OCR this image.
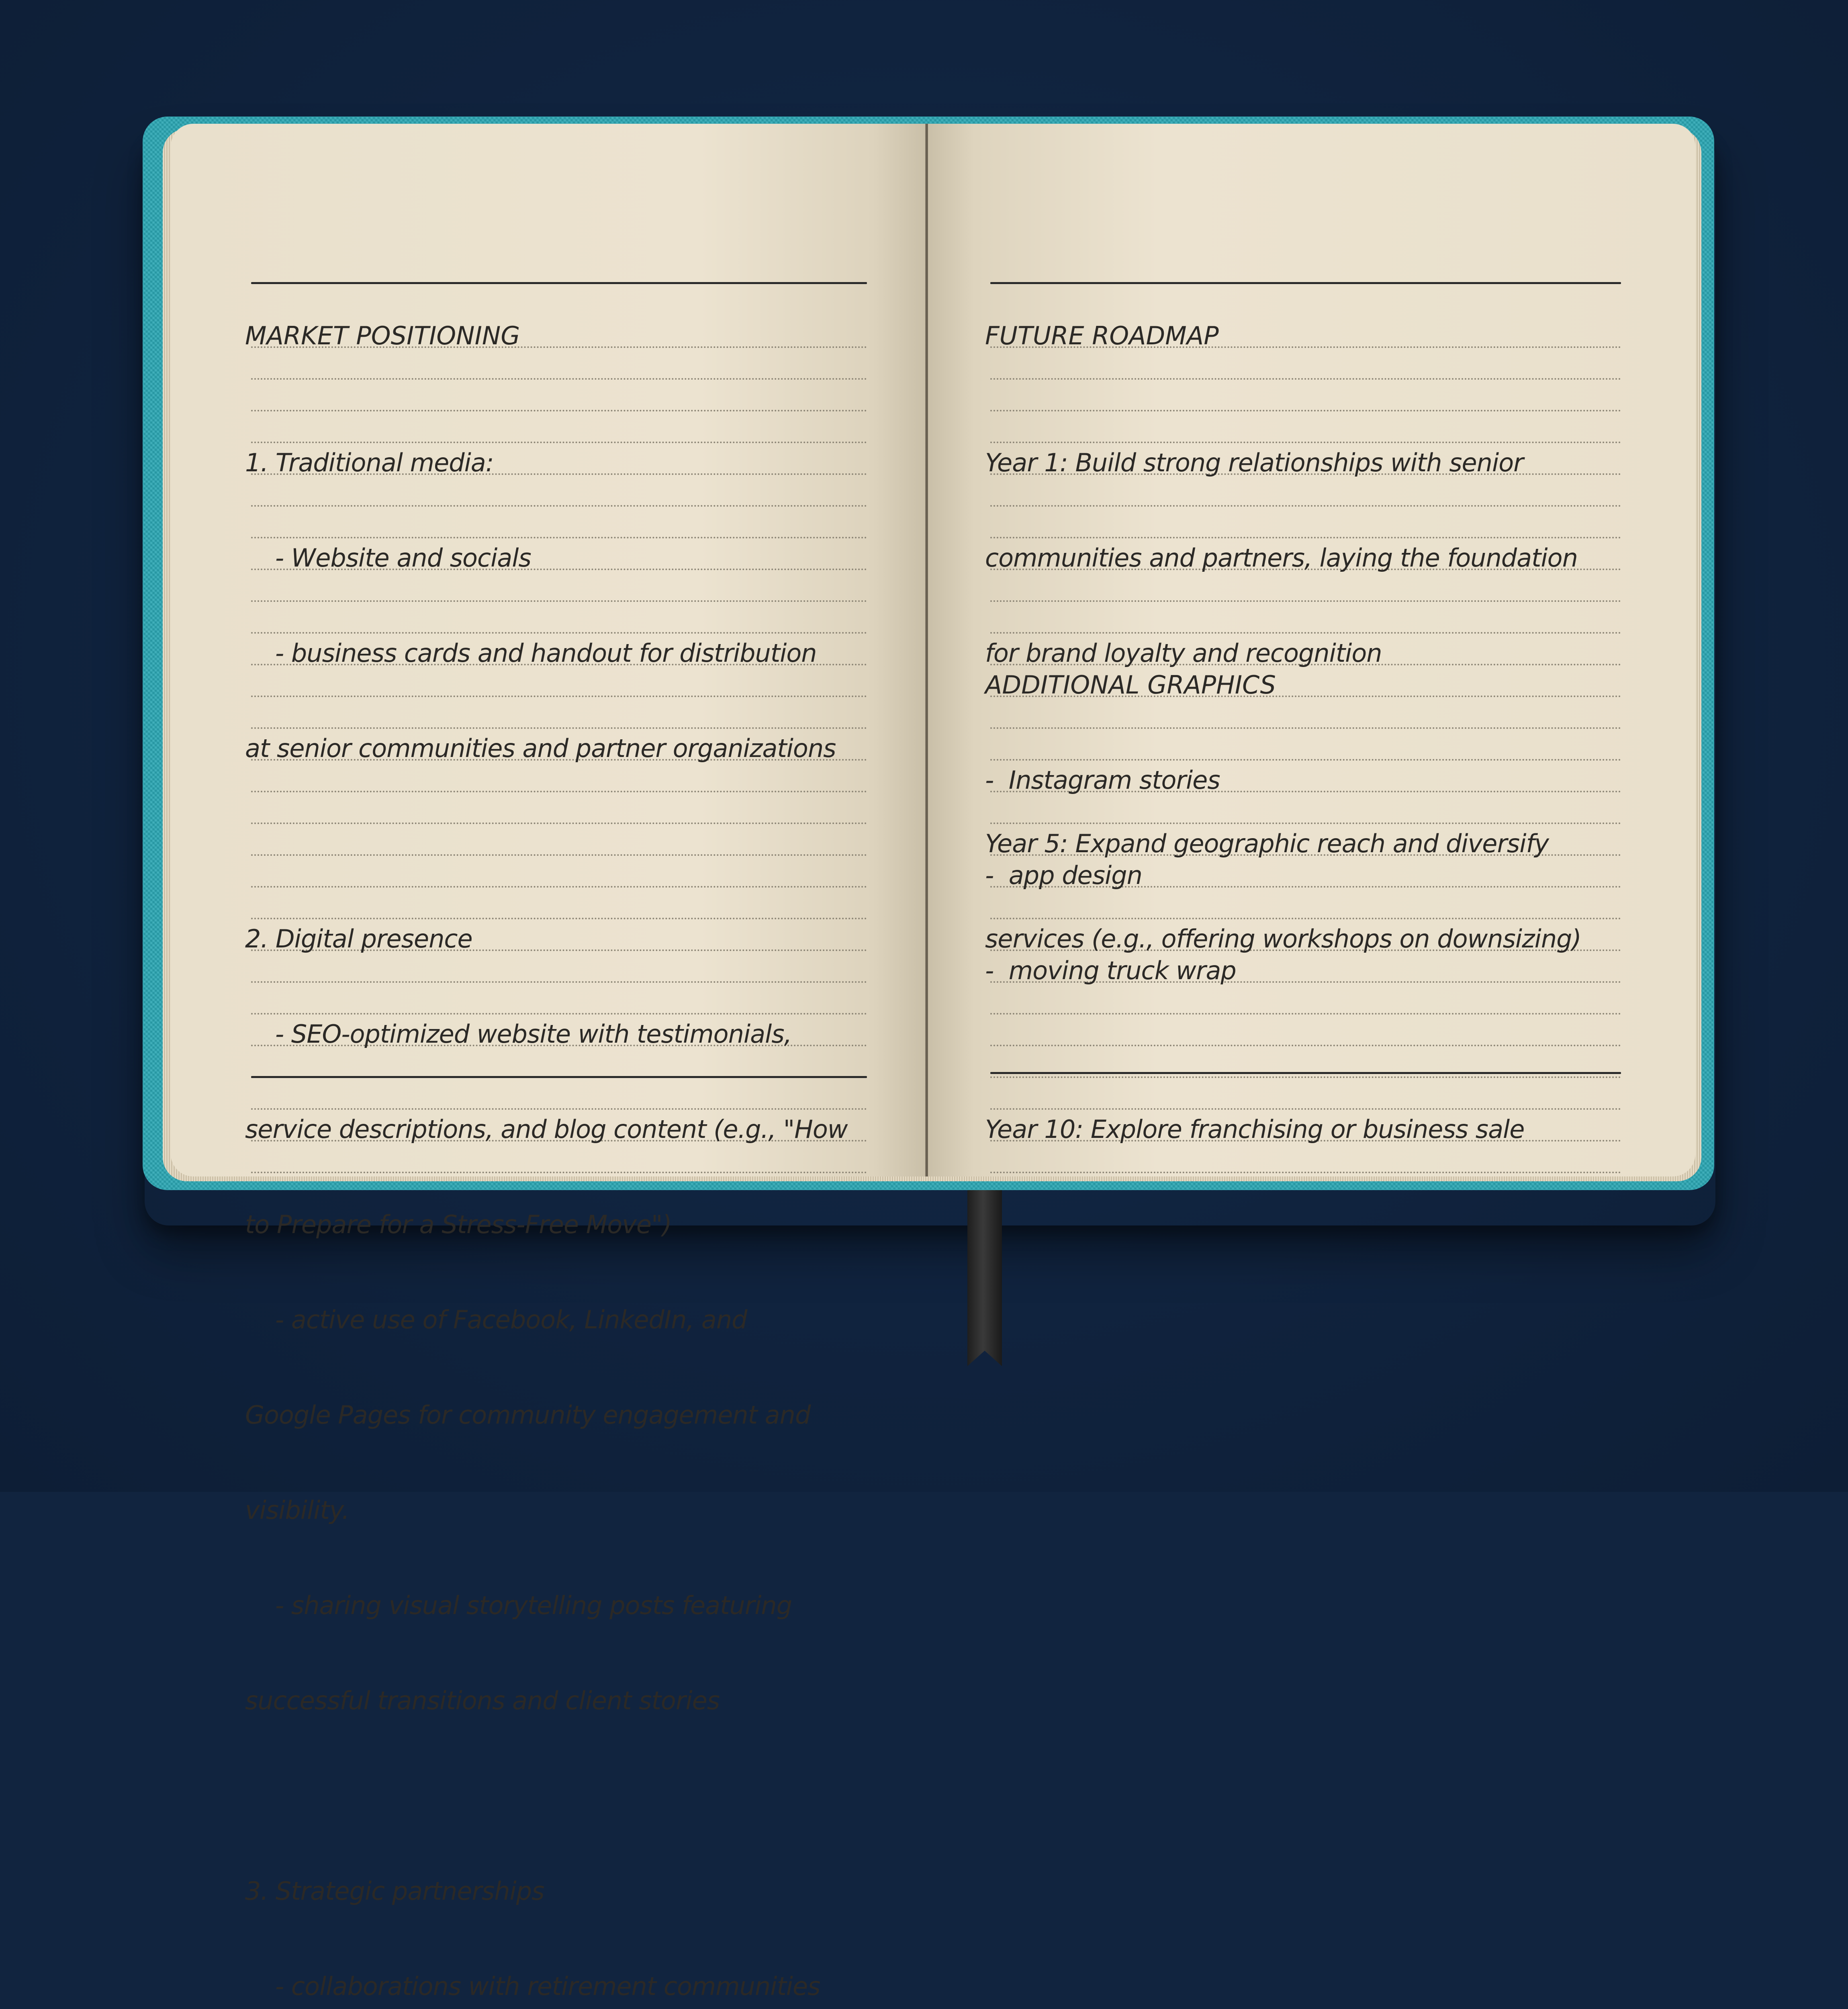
MARKET POSITIONING

1. Traditional media:

- Website and socials

- business cards and handout for distribution

at senior communities and partner organizations

2. Digital presence

- SEO-optimized website with testimonials,

service descriptions, and blog content (e.g., "How

to Prepare for a Stress-Free Move")

- active use of Facebook, LinkedIn, and

Google Pages for community engagement and

visibility.

- sharing visual storytelling posts featuring

successful transitions and client stories

3. Strategic partnerships

- collaborations with retirement communities

FUTURE ROADMAP

Year 1: Build strong relationships with senior

communities and partners, laying the foundation

for brand loyalty and recognition

Year 5: Expand geographic reach and diversify

services (e.g., offering workshops on downsizing)

Year 10: Explore franchising or business sale

ADDITIONAL GRAPHICS

-  Instagram stories

-  app design

-  moving truck wrap
